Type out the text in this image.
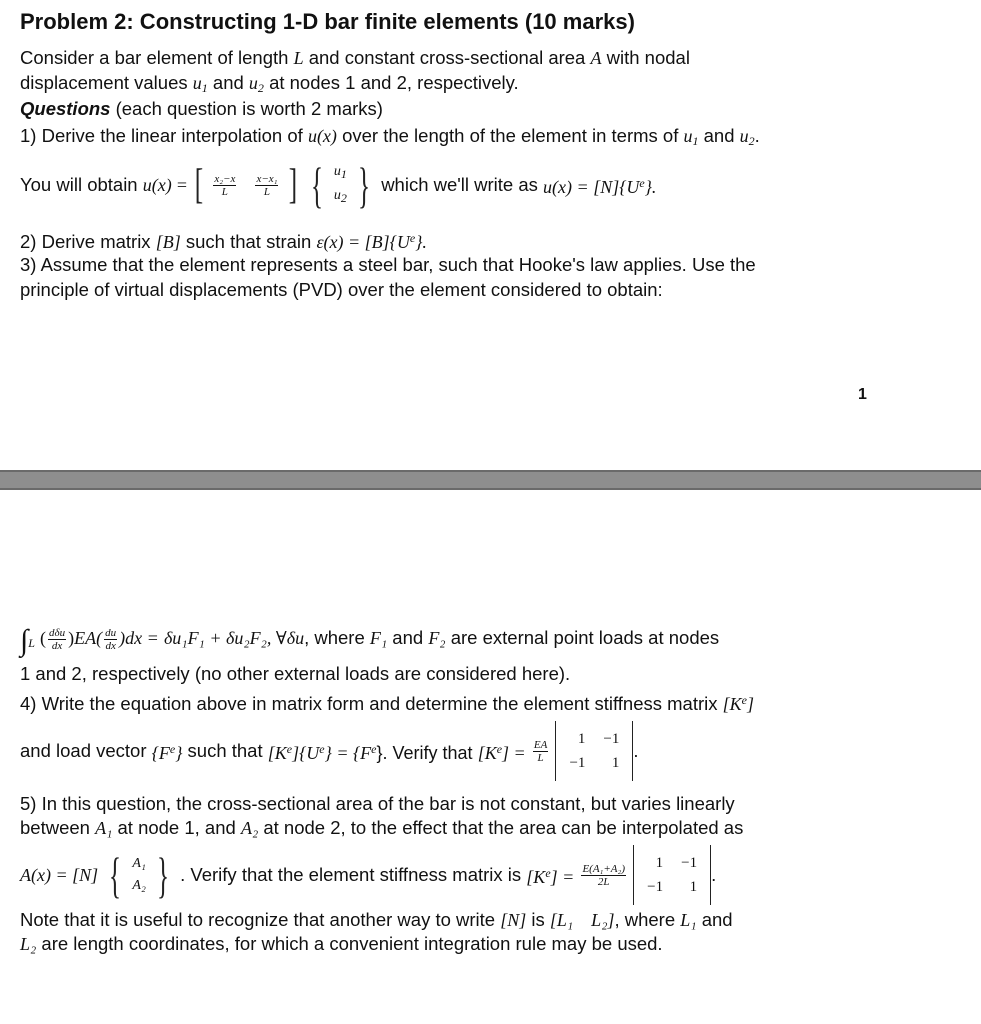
Problem 2: Constructing 1-D bar finite elements (10 marks)
Consider a bar element of length L and constant cross-sectional area A with nodal
displacement values $u_1$ and $u_2$ at nodes 1 and 2, respectively.
Questions (each question is worth 2 marks)
1) Derive the linear interpolation of u(x) over the length of the element in terms of $u_1$ and $u_2$.
You will obtain u(x) = [ $\frac{\text{x₂−x}}{L}$
$\frac{\text{x−x₁}}{L}$ ] { u1
u2 } which we'll write as $u(x) = [N]\{U^e\}$.
2) Derive matrix [B] such that strain $\varepsilon(x) = [B]\{U^e\}$.
3) Assume that the element represents a steel bar, such that Hooke's law applies. Use the
principle of virtual displacements (PVD) over the element considered to obtain:
1
$\int_L$ ( $\frac{\text{dδu}}{dx} )EA( \frac{du}{dx} )dx = \delta u_1F_1 + \delta u_2F_2$, ∀δu, where F₁ and F₂ are external point loads at nodes
1 and 2, respectively (no other external loads are considered here).
4) Write the equation above in matrix form and determine the element stiffness matrix $[K^e]$
and load vector $\{F^e\}$ such that $[K^e]\{U^e\} = \{F^e\}$. Verify that $[K^e] = \frac{EA}{L}$
1	−1
−1	1
.
5) In this question, the cross-sectional area of the bar is not constant, but varies linearly
between A₁ at node 1, and A₂ at node 2, to the effect that the area can be interpolated as
A(x) = [N] { A₁
A₂ } . Verify that the element stiffness matrix is $[K^e] = \frac{\text{E(A₁+A₂)}}{2L}$
1	−1
−1	1
.
Note that it is useful to recognize that another way to write [N] is [L₁    L₂], where L₁ and
L₂ are length coordinates, for which a convenient integration rule may be used.
